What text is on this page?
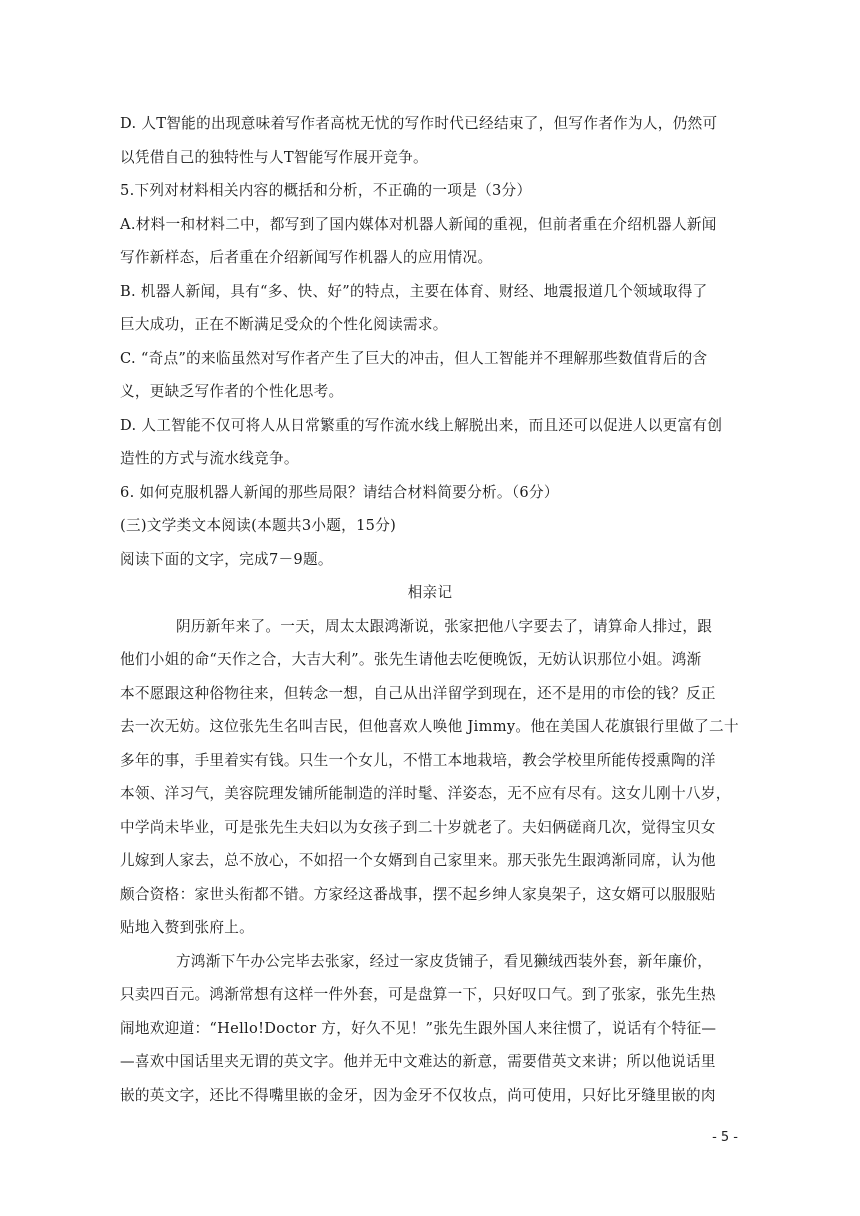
D. 人T智能的出现意味着写作者高枕无忧的写作时代已经结束了，但写作者作为人，仍然可
以凭借自己的独特性与人T智能写作展开竞争。
5.下列对材料相关内容的概括和分析，不正确的一项是（3分）
A.材料一和材料二中，都写到了国内媒体对机器人新闻的重视，但前者重在介绍机器人新闻
写作新样态，后者重在介绍新闻写作机器人的应用情况。
B. 机器人新闻，具有“多、快、好”的特点，主要在体育、财经、地震报道几个领域取得了
巨大成功，正在不断满足受众的个性化阅读需求。
C. “奇点”的来临虽然对写作者产生了巨大的冲击，但人工智能并不理解那些数值背后的含
义，更缺乏写作者的个性化思考。
D. 人工智能不仅可将人从日常繁重的写作流水线上解脱出来，而且还可以促进人以更富有创
造性的方式与流水线竞争。
6. 如何克服机器人新闻的那些局限？请结合材料简要分析。（6分）
(三)文学类文本阅读(本题共3小题，15分)
阅读下面的文字，完成7－9题。
相亲记
阴历新年来了。一天，周太太跟鸿渐说，张家把他八字要去了，请算命人排过，跟
他们小姐的命“天作之合，大吉大利”。张先生请他去吃便晚饭，无妨认识那位小姐。鸿渐
本不愿跟这种俗物往来，但转念一想，自己从出洋留学到现在，还不是用的市侩的钱？反正
去一次无妨。这位张先生名叫吉民，但他喜欢人唤他 Jimmy。他在美国人花旗银行里做了二十
多年的事，手里着实有钱。只生一个女儿，不惜工本地栽培，教会学校里所能传授熏陶的洋
本领、洋习气，美容院理发铺所能制造的洋时髦、洋姿态，无不应有尽有。这女儿刚十八岁，
中学尚未毕业，可是张先生夫妇以为女孩子到二十岁就老了。夫妇俩磋商几次，觉得宝贝女
儿嫁到人家去，总不放心，不如招一个女婿到自己家里来。那天张先生跟鸿渐同席，认为他
颇合资格：家世头衔都不错。方家经这番战事，摆不起乡绅人家臭架子，这女婿可以服服贴
贴地入赘到张府上。
方鸿渐下午办公完毕去张家，经过一家皮货铺子，看见獭绒西装外套，新年廉价，
只卖四百元。鸿渐常想有这样一件外套，可是盘算一下，只好叹口气。到了张家，张先生热
闹地欢迎道：“Hello!Doctor 方，好久不见！”张先生跟外国人来往惯了，说话有个特征—
—喜欢中国话里夹无谓的英文字。他并无中文难达的新意，需要借英文来讲；所以他说话里
嵌的英文字，还比不得嘴里嵌的金牙，因为金牙不仅妆点，尚可使用，只好比牙缝里嵌的肉
- 5 -
